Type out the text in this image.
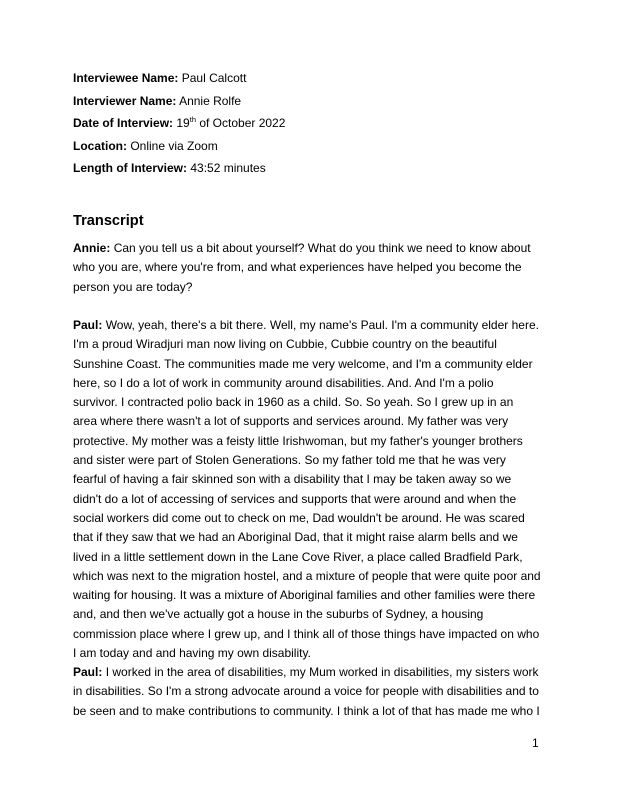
Interviewee Name: Paul Calcott
Interviewer Name: Annie Rolfe
Date of Interview: 19th of October 2022
Location: Online via Zoom
Length of Interview: 43:52 minutes
Transcript
Annie: Can you tell us a bit about yourself? What do you think we need to know about
who you are, where you're from, and what experiences have helped you become the
person you are today?
Paul: Wow, yeah, there's a bit there. Well, my name's Paul. I'm a community elder here.
I'm a proud Wiradjuri man now living on Cubbie, Cubbie country on the beautiful
Sunshine Coast. The communities made me very welcome, and I'm a community elder
here, so I do a lot of work in community around disabilities. And. And I'm a polio
survivor. I contracted polio back in 1960 as a child. So. So yeah. So I grew up in an
area where there wasn't a lot of supports and services around. My father was very
protective. My mother was a feisty little Irishwoman, but my father's younger brothers
and sister were part of Stolen Generations. So my father told me that he was very
fearful of having a fair skinned son with a disability that I may be taken away so we
didn't do a lot of accessing of services and supports that were around and when the
social workers did come out to check on me, Dad wouldn't be around. He was scared
that if they saw that we had an Aboriginal Dad, that it might raise alarm bells and we
lived in a little settlement down in the Lane Cove River, a place called Bradfield Park,
which was next to the migration hostel, and a mixture of people that were quite poor and
waiting for housing. It was a mixture of Aboriginal families and other families were there
and, and then we've actually got a house in the suburbs of Sydney, a housing
commission place where I grew up, and I think all of those things have impacted on who
I am today and and having my own disability.
Paul: I worked in the area of disabilities, my Mum worked in disabilities, my sisters work
in disabilities. So I'm a strong advocate around a voice for people with disabilities and to
be seen and to make contributions to community. I think a lot of that has made me who I
1
